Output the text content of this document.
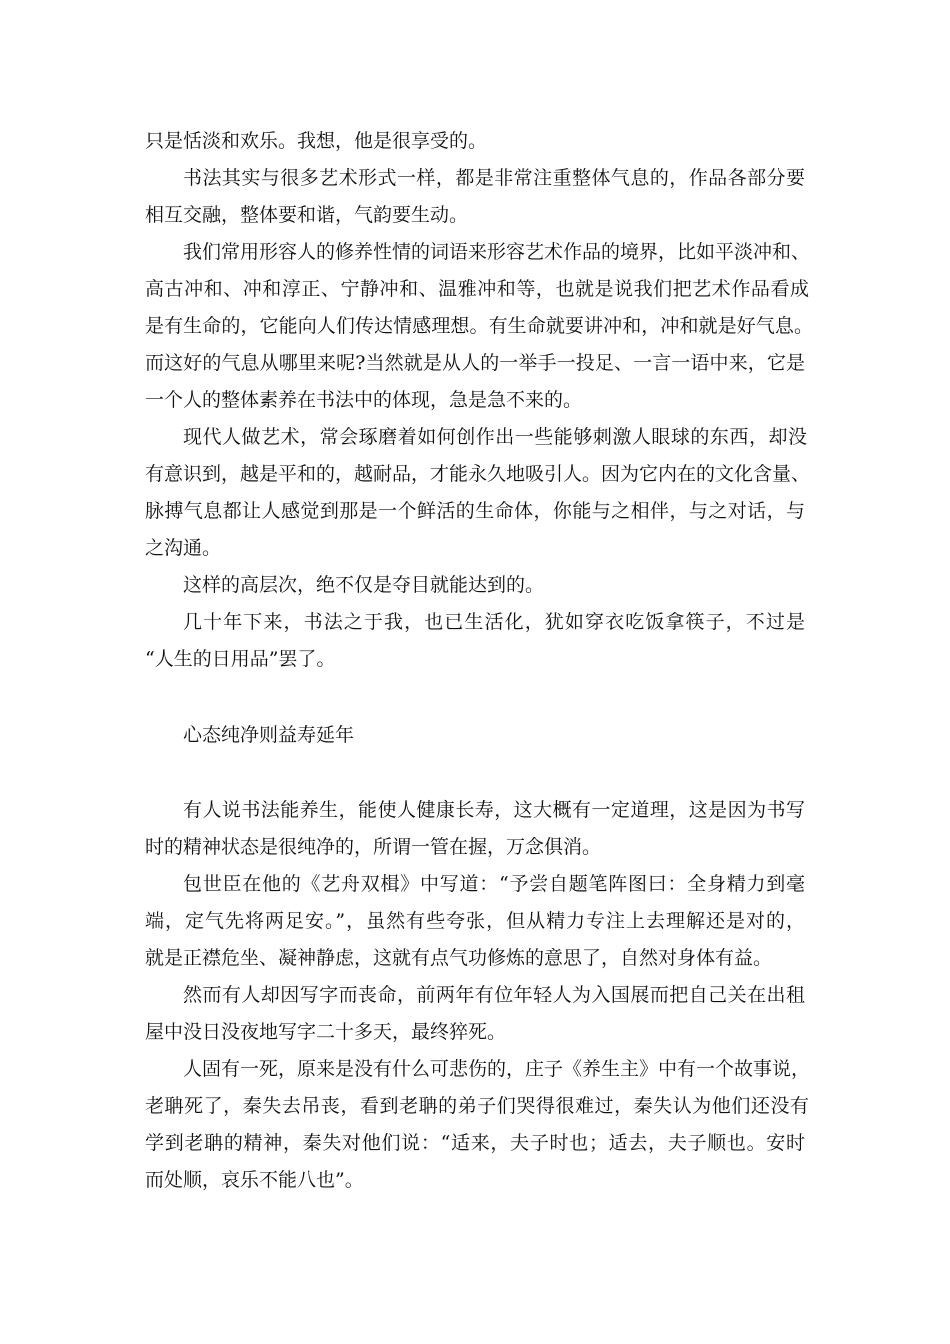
只是恬淡和欢乐。我想，他是很享受的。
书法其实与很多艺术形式一样，都是非常注重整体气息的，作品各部分要
相互交融，整体要和谐，气韵要生动。
我们常用形容人的修养性情的词语来形容艺术作品的境界，比如平淡冲和、
高古冲和、冲和淳正、宁静冲和、温雅冲和等，也就是说我们把艺术作品看成
是有生命的，它能向人们传达情感理想。有生命就要讲冲和，冲和就是好气息。
而这好的气息从哪里来呢?当然就是从人的一举手一投足、一言一语中来，它是
一个人的整体素养在书法中的体现，急是急不来的。
现代人做艺术，常会琢磨着如何创作出一些能够刺激人眼球的东西，却没
有意识到，越是平和的，越耐品，才能永久地吸引人。因为它内在的文化含量、
脉搏气息都让人感觉到那是一个鲜活的生命体，你能与之相伴，与之对话，与
之沟通。
这样的高层次，绝不仅是夺目就能达到的。
几十年下来，书法之于我，也已生活化，犹如穿衣吃饭拿筷子，不过是
“人生的日用品”罢了。
心态纯净则益寿延年
有人说书法能养生，能使人健康长寿，这大概有一定道理，这是因为书写
时的精神状态是很纯净的，所谓一管在握，万念俱消。
包世臣在他的《艺舟双楫》中写道：“予尝自题笔阵图曰：全身精力到毫
端，定气先将两足安。”，虽然有些夸张，但从精力专注上去理解还是对的，
就是正襟危坐、凝神静虑，这就有点气功修炼的意思了，自然对身体有益。
然而有人却因写字而丧命，前两年有位年轻人为入国展而把自己关在出租
屋中没日没夜地写字二十多天，最终猝死。
人固有一死，原来是没有什么可悲伤的，庄子《养生主》中有一个故事说，
老聃死了，秦失去吊丧，看到老聃的弟子们哭得很难过，秦失认为他们还没有
学到老聃的精神，秦失对他们说：“适来，夫子时也；适去，夫子顺也。安时
而处顺，哀乐不能八也”。
